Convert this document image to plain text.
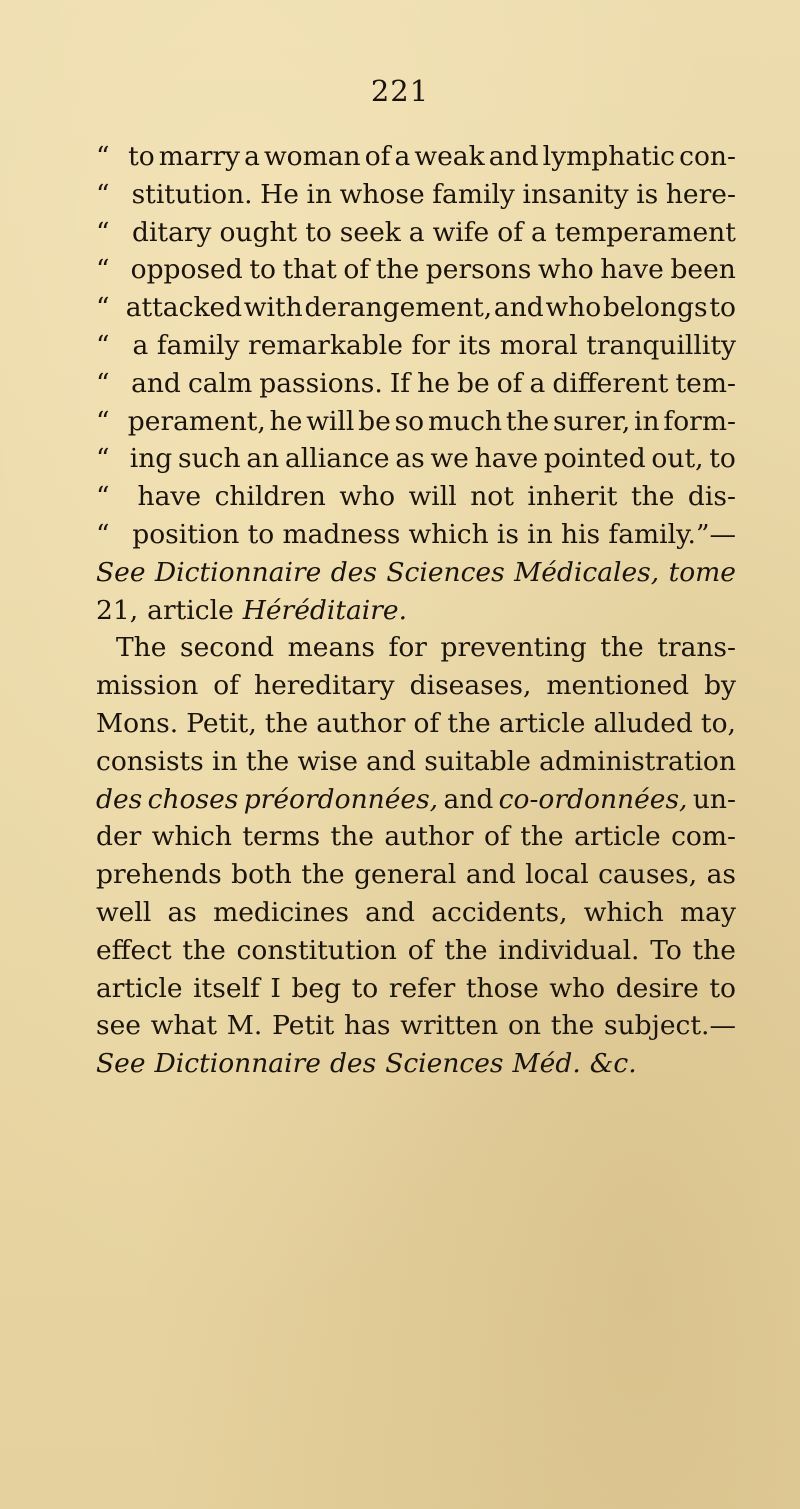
221
“ to marry a woman of a weak and lymphatic con-
“ stitution. He in whose family insanity is here-
“ ditary ought to seek a wife of a temperament
“ opposed to that of the persons who have been
“ attacked with derangement, and who belongs to
“ a family remarkable for its moral tranquillity
“ and calm passions. If he be of a different tem-
“ perament, he will be so much the surer, in form-
“ ing such an alliance as we have pointed out, to
“	have children who will not inherit the dis-
“ position to madness which is in his family.”—
See Dictionnaire des Sciences Médicales, tome
21, article Héréditaire.
The second means for preventing the trans-
mission of hereditary diseases, mentioned by
Mons. Petit, the author of the article alluded to,
consists in the wise and suitable administration
des choses préordonnées, and co-ordonnées, un-
der which terms the author of the article com-
prehends both the general and local causes, as
well as medicines and accidents, which may
effect the constitution of the individual. To the
article itself I beg to refer those who desire to
see what M. Petit has written on the subject.—
See Dictionnaire des Sciences Méd. &c.
